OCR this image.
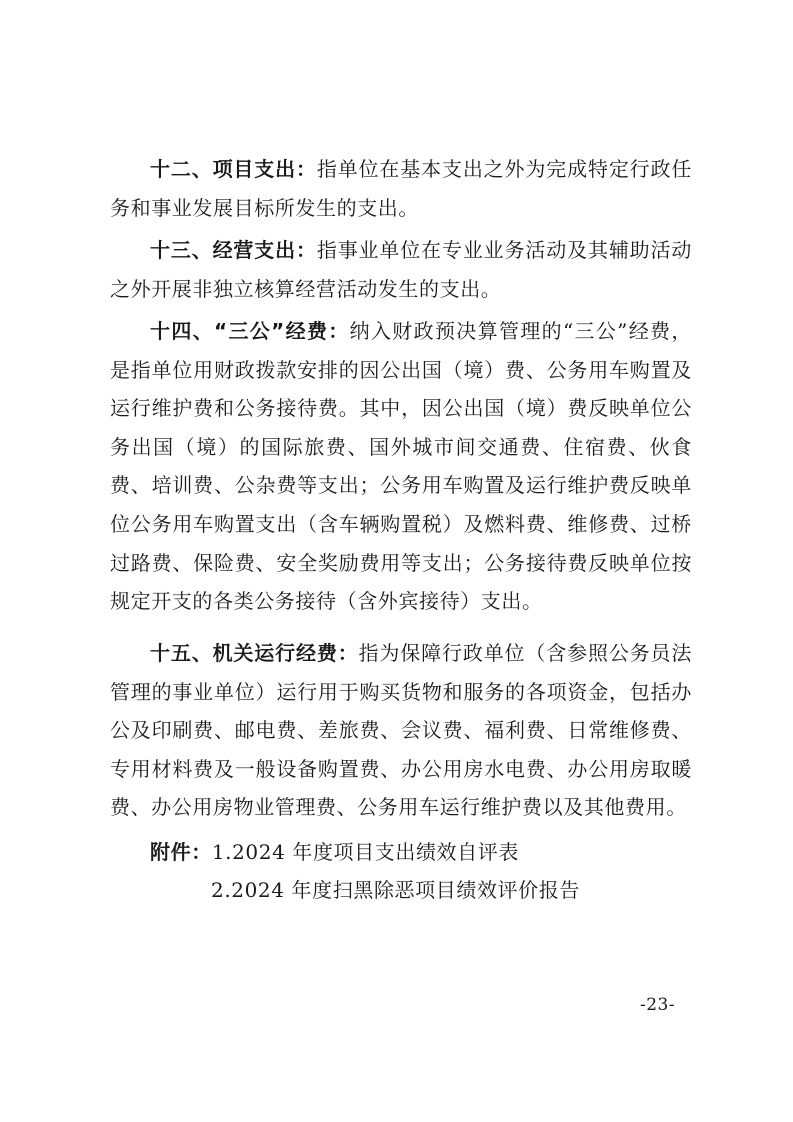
十二、项目支出：指单位在基本支出之外为完成特定行政任务和事业发展目标所发生的支出。

十三、经营支出：指事业单位在专业业务活动及其辅助活动之外开展非独立核算经营活动发生的支出。

十四、“三公”经费：纳入财政预决算管理的“三公”经费，是指单位用财政拨款安排的因公出国（境）费、公务用车购置及运行维护费和公务接待费。其中，因公出国（境）费反映单位公务出国（境）的国际旅费、国外城市间交通费、住宿费、伙食费、培训费、公杂费等支出；公务用车购置及运行维护费反映单位公务用车购置支出（含车辆购置税）及燃料费、维修费、过桥过路费、保险费、安全奖励费用等支出；公务接待费反映单位按规定开支的各类公务接待（含外宾接待）支出。

十五、机关运行经费：指为保障行政单位（含参照公务员法管理的事业单位）运行用于购买货物和服务的各项资金，包括办公及印刷费、邮电费、差旅费、会议费、福利费、日常维修费、专用材料费及一般设备购置费、办公用房水电费、办公用房取暖费、办公用房物业管理费、公务用车运行维护费以及其他费用。

附件：1.2024 年度项目支出绩效自评表
2.2024 年度扫黑除恶项目绩效评价报告
-23-
